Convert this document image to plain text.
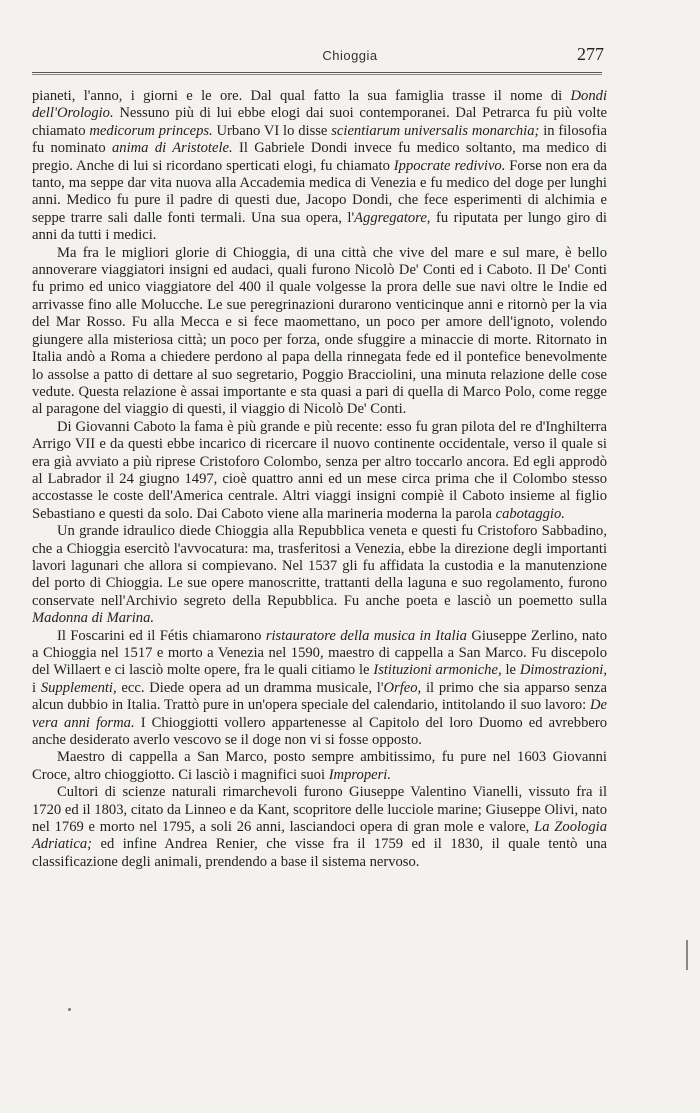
Chioggia	277

pianeti, l'anno, i giorni e le ore. Dal qual fatto la sua famiglia trasse il nome di Dondi dell'Orologio. Nessuno più di lui ebbe elogi dai suoi contemporanei. Dal Petrarca fu più volte chiamato medicorum princeps. Urbano VI lo disse scientiarum universalis monarchia; in filosofia fu nominato anima di Aristotele. Il Gabriele Dondi invece fu medico soltanto, ma medico di pregio. Anche di lui si ricordano sperticati elogi, fu chiamato Ippocrate redivivo. Forse non era da tanto, ma seppe dar vita nuova alla Accademia medica di Venezia e fu medico del doge per lunghi anni. Medico fu pure il padre di questi due, Jacopo Dondi, che fece esperimenti di alchimia e seppe trarre sali dalle fonti termali. Una sua opera, l'Aggregatore, fu riputata per lungo giro di anni da tutti i medici.

Ma fra le migliori glorie di Chioggia, di una città che vive del mare e sul mare, è bello annoverare viaggiatori insigni ed audaci, quali furono Nicolò De' Conti ed i Caboto. Il De' Conti fu primo ed unico viaggiatore del 400 il quale volgesse la prora delle sue navi oltre le Indie ed arrivasse fino alle Molucche. Le sue peregrinazioni durarono venticinque anni e ritornò per la via del Mar Rosso. Fu alla Mecca e si fece maomettano, un poco per amore dell'ignoto, volendo giungere alla misteriosa città; un poco per forza, onde sfuggire a minaccie di morte. Ritornato in Italia andò a Roma a chiedere perdono al papa della rinnegata fede ed il pontefice benevolmente lo assolse a patto di dettare al suo segretario, Poggio Bracciolini, una minuta relazione delle cose vedute. Questa relazione è assai importante e sta quasi a pari di quella di Marco Polo, come regge al paragone del viaggio di questi, il viaggio di Nicolò De' Conti.

Di Giovanni Caboto la fama è più grande e più recente: esso fu gran pilota del re d'Inghilterra Arrigo VII e da questi ebbe incarico di ricercare il nuovo continente occidentale, verso il quale si era già avviato a più riprese Cristoforo Colombo, senza per altro toccarlo ancora. Ed egli approdò al Labrador il 24 giugno 1497, cioè quattro anni ed un mese circa prima che il Colombo stesso accostasse le coste dell'America centrale. Altri viaggi insigni compiè il Caboto insieme al figlio Sebastiano e questi da solo. Dai Caboto viene alla marineria moderna la parola cabotaggio.

Un grande idraulico diede Chioggia alla Repubblica veneta e questi fu Cristoforo Sabbadino, che a Chioggia esercitò l'avvocatura: ma, trasferitosi a Venezia, ebbe la direzione degli importanti lavori lagunari che allora si compievano. Nel 1537 gli fu affidata la custodia e la manutenzione del porto di Chioggia. Le sue opere manoscritte, trattanti della laguna e suo regolamento, furono conservate nell'Archivio segreto della Repubblica. Fu anche poeta e lasciò un poemetto sulla Madonna di Marina.

Il Foscarini ed il Fétis chiamarono ristauratore della musica in Italia Giuseppe Zerlino, nato a Chioggia nel 1517 e morto a Venezia nel 1590, maestro di cappella a San Marco. Fu discepolo del Willaert e ci lasciò molte opere, fra le quali citiamo le Istituzioni armoniche, le Dimostrazioni, i Supplementi, ecc. Diede opera ad un dramma musicale, l'Orfeo, il primo che sia apparso senza alcun dubbio in Italia. Trattò pure in un'opera speciale del calendario, intitolando il suo lavoro: De vera anni forma. I Chioggiotti vollero appartenesse al Capitolo del loro Duomo ed avrebbero anche desiderato averlo vescovo se il doge non vi si fosse opposto.

Maestro di cappella a San Marco, posto sempre ambitissimo, fu pure nel 1603 Giovanni Croce, altro chioggiotto. Ci lasciò i magnifici suoi Improperi.

Cultori di scienze naturali rimarchevoli furono Giuseppe Valentino Vianelli, vissuto fra il 1720 ed il 1803, citato da Linneo e da Kant, scopritore delle lucciole marine; Giuseppe Olivi, nato nel 1769 e morto nel 1795, a soli 26 anni, lasciandoci opera di gran mole e valore, La Zoologia Adriatica; ed infine Andrea Renier, che visse fra il 1759 ed il 1830, il quale tentò una classificazione degli animali, prendendo a base il sistema nervoso.
